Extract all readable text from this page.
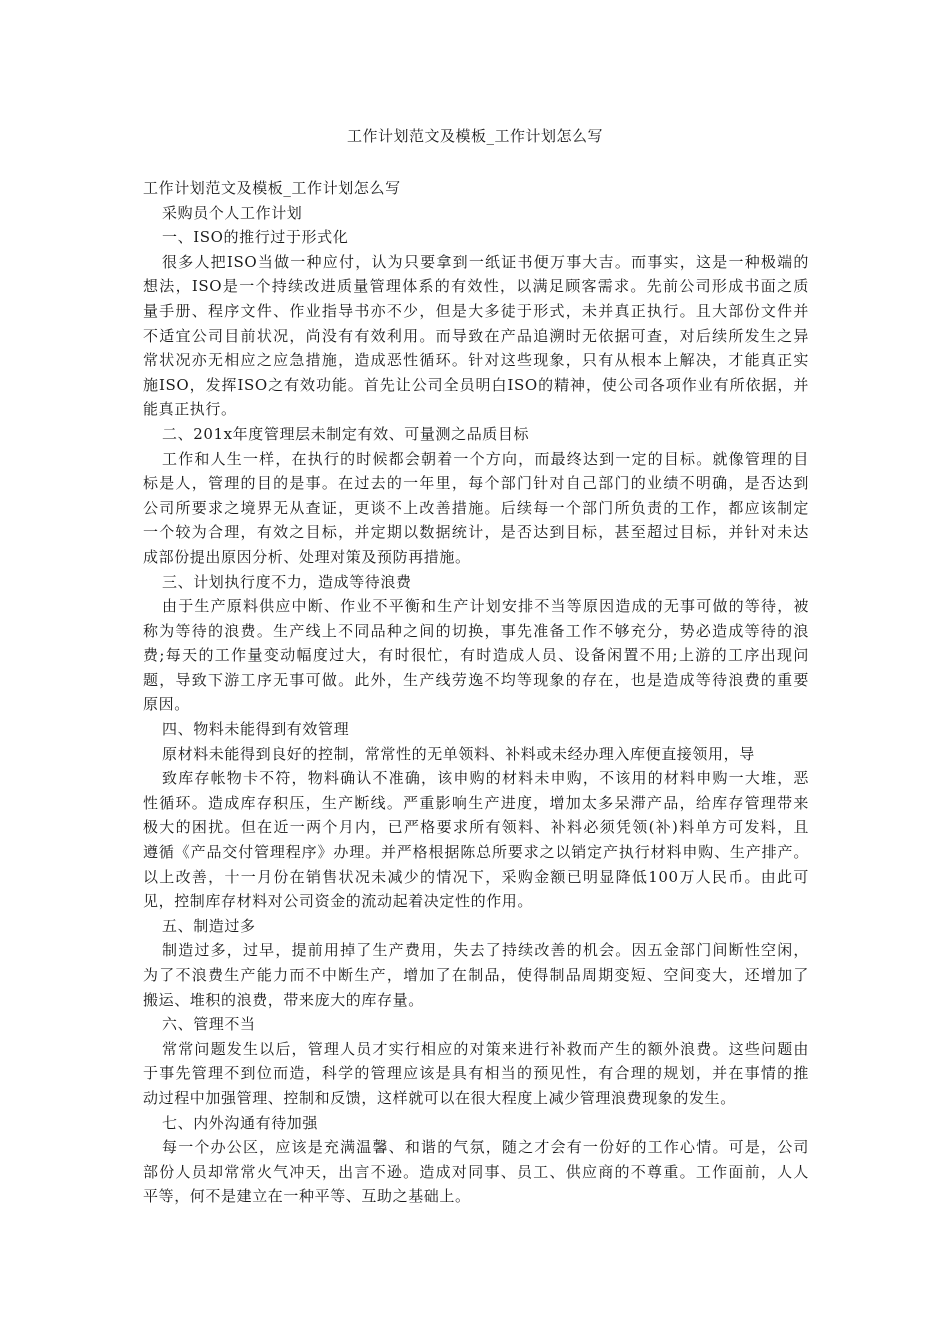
工作计划范文及模板_工作计划怎么写

工作计划范文及模板_工作计划怎么写

采购员个人工作计划

一、ISO的推行过于形式化

很多人把ISO当做一种应付，认为只要拿到一纸证书便万事大吉。而事实，这是一种极端的

想法，ISO是一个持续改进质量管理体系的有效性，以满足顾客需求。先前公司形成书面之质

量手册、程序文件、作业指导书亦不少，但是大多徒于形式，未并真正执行。且大部份文件并

不适宜公司目前状况，尚没有有效利用。而导致在产品追溯时无依据可查，对后续所发生之异

常状况亦无相应之应急措施，造成恶性循环。针对这些现象，只有从根本上解决，才能真正实

施ISO，发挥ISO之有效功能。首先让公司全员明白ISO的精神，使公司各项作业有所依据，并

能真正执行。

二、201x年度管理层未制定有效、可量测之品质目标

工作和人生一样，在执行的时候都会朝着一个方向，而最终达到一定的目标。就像管理的目

标是人，管理的目的是事。在过去的一年里，每个部门针对自己部门的业绩不明确，是否达到

公司所要求之境界无从查证，更谈不上改善措施。后续每一个部门所负责的工作，都应该制定

一个较为合理，有效之目标，并定期以数据统计，是否达到目标，甚至超过目标，并针对未达

成部份提出原因分析、处理对策及预防再措施。

三、计划执行度不力，造成等待浪费

由于生产原料供应中断、作业不平衡和生产计划安排不当等原因造成的无事可做的等待，被

称为等待的浪费。生产线上不同品种之间的切换，事先准备工作不够充分，势必造成等待的浪

费;每天的工作量变动幅度过大，有时很忙，有时造成人员、设备闲置不用;上游的工序出现问

题，导致下游工序无事可做。此外，生产线劳逸不均等现象的存在，也是造成等待浪费的重要

原因。

四、物料未能得到有效管理

原材料未能得到良好的控制，常常性的无单领料、补料或未经办理入库便直接领用，导

致库存帐物卡不符，物料确认不准确，该申购的材料未申购，不该用的材料申购一大堆，恶

性循环。造成库存积压，生产断线。严重影响生产进度，增加太多呆滞产品，给库存管理带来

极大的困扰。但在近一两个月内，已严格要求所有领料、补料必须凭领(补)料单方可发料，且

遵循《产品交付管理程序》办理。并严格根据陈总所要求之以销定产执行材料申购、生产排产。

以上改善，十一月份在销售状况未减少的情况下，采购金额已明显降低100万人民币。由此可

见，控制库存材料对公司资金的流动起着决定性的作用。

五、制造过多

制造过多，过早，提前用掉了生产费用，失去了持续改善的机会。因五金部门间断性空闲，

为了不浪费生产能力而不中断生产，增加了在制品，使得制品周期变短、空间变大，还增加了

搬运、堆积的浪费，带来庞大的库存量。

六、管理不当

常常问题发生以后，管理人员才实行相应的对策来进行补救而产生的额外浪费。这些问题由

于事先管理不到位而造，科学的管理应该是具有相当的预见性，有合理的规划，并在事情的推

动过程中加强管理、控制和反馈，这样就可以在很大程度上减少管理浪费现象的发生。

七、内外沟通有待加强

每一个办公区，应该是充满温馨、和谐的气氛，随之才会有一份好的工作心情。可是，公司

部份人员却常常火气冲天，出言不逊。造成对同事、员工、供应商的不尊重。工作面前，人人

平等，何不是建立在一种平等、互助之基础上。
